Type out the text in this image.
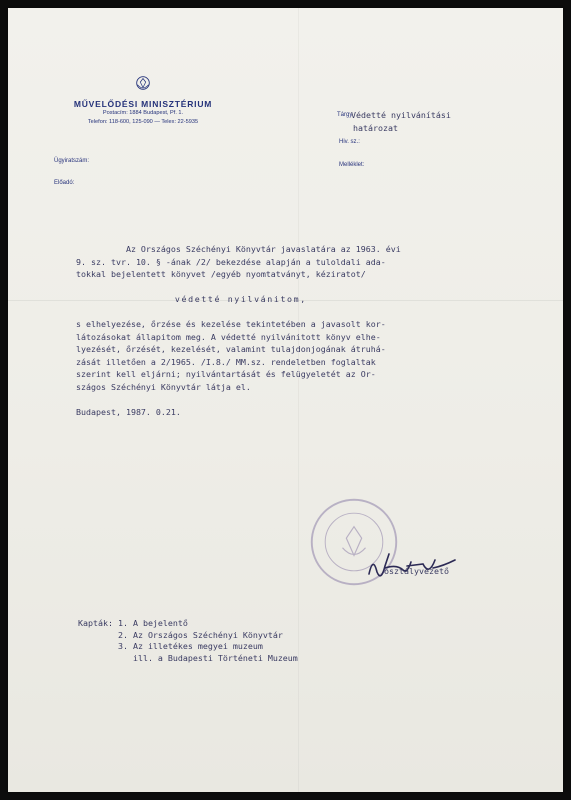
MŰVELŐDÉSI MINISZTÉRIUM
Postacím: 1884 Budapest, Pf. 1.
Telefon: 118-600, 125-090 — Telex: 22-5935
Ügyiratszám:
Előadó:
Tárgy
Hiv. sz.:
Melléklet:
Védetté nyilvánítási
határozat
Az Országos Széchényi Könyvtár javaslatára az 1963. évi
9. sz. tvr. 10. § -ának /2/ bekezdése alapján a tuloldali ada-
tokkal bejelentett könyvet /egyéb nyomtatványt, kéziratot/
védetté nyilvánitom,
s elhelyezése, őrzése és kezelése tekintetében a javasolt kor-
látozásokat állapitom meg. A védetté nyilvánitott könyv elhe-
lyezését, őrzését, kezelését, valamint tulajdonjogának átruhá-
zását illetően a 2/1965. /I.8./ MM.sz. rendeletben foglaltak
szerint kell eljárni; nyilvántartását és felügyeletét az Or-
szágos Széchényi Könyvtár látja el.
Budapest, 1987. 0.21.
osztályvezető
Kapták: 1. A bejelentő
2. Az Országos Széchényi Könyvtár
3. Az illetékes megyei muzeum
ill. a Budapesti Történeti Muzeum
